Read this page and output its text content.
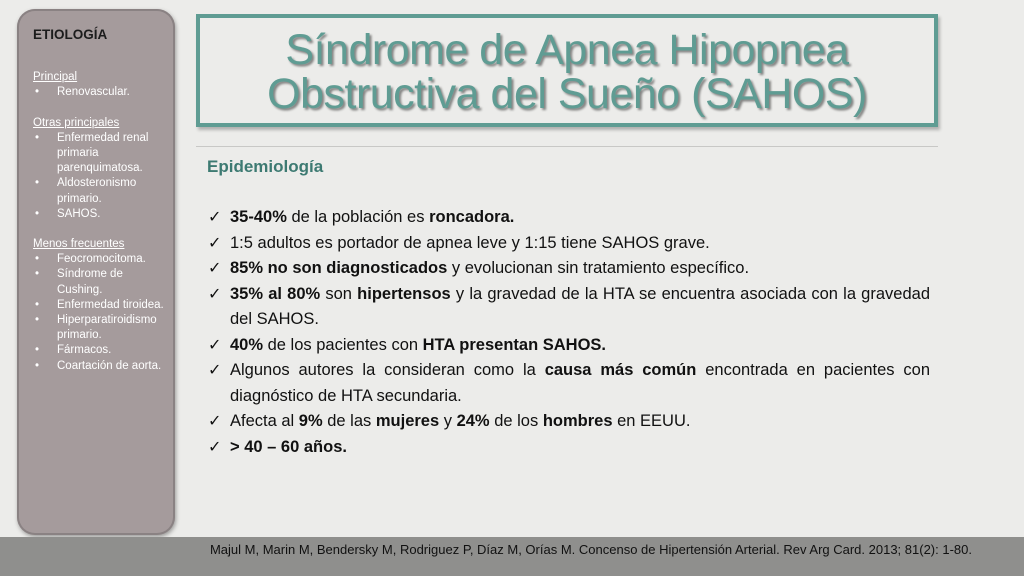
ETIOLOGÍA
Principal
• Renovascular.
Otras principales
• Enfermedad renal primaria parenquimatosa.
• Aldosteronismo primario.
• SAHOS.
Menos frecuentes
• Feocromocitoma.
• Síndrome de Cushing.
• Enfermedad tiroidea.
• Hiperparatiroidismo primario.
• Fármacos.
• Coartación de aorta.
Síndrome de Apnea Hipopnea
Obstructiva del Sueño (SAHOS)
Epidemiología
✓ 35-40% de la población es roncadora.
✓ 1:5 adultos es portador de apnea leve y 1:15 tiene SAHOS grave.
✓ 85% no son diagnosticados y evolucionan sin tratamiento específico.
✓ 35% al 80% son hipertensos y la gravedad de la HTA se encuentra asociada con la gravedad del SAHOS.
✓ 40% de los pacientes con HTA presentan SAHOS.
✓ Algunos autores la consideran como la causa más común encontrada en pacientes con diagnóstico de HTA secundaria.
✓ Afecta al 9% de las mujeres y 24% de los hombres en EEUU.
✓ > 40 – 60 años.
Majul M, Marin M, Bendersky M, Rodriguez P, Díaz M, Orías M. Concenso de Hipertensión Arterial. Rev Arg Card. 2013; 81(2): 1-80.
